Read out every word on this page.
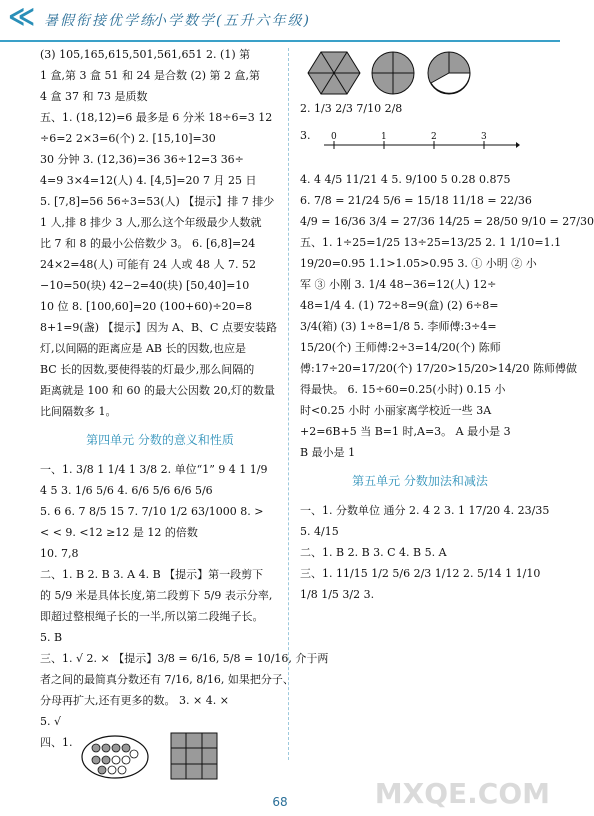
≪ 暑假衔接优学练
小学数学(五升六年级)
(3) 105,165,615,501,561,651 2. (1) 第
1 盒,第 3 盒 51 和 24 是合数 (2) 第 2 盒,第
4 盒 37 和 73 是质数
五、1. (18,12)=6 最多是 6 分米 18÷6=3 12
÷6=2 2×3=6(个) 2. [15,10]=30
30 分钟 3. (12,36)=36 36÷12=3 36÷
4=9 3×4=12(人) 4. [4,5]=20 7 月 25 日
5. [7,8]=56 56÷3=53(人) 【提示】排 7 排少
1 人,排 8 排少 3 人,那么这个年级最少人数就
比 7 和 8 的最小公倍数少 3。 6. [6,8]=24
24×2=48(人) 可能有 24 人或 48 人 7. 52
−10=50(块) 42−2=40(块) [50,40]=10
10 位 8. [100,60]=20 (100+60)÷20=8
8+1=9(盏) 【提示】因为 A、B、C 点要安装路
灯,以间隔的距离应是 AB 长的因数,也应是
BC 长的因数,要使得装的灯最少,那么间隔的
距离就是 100 和 60 的最大公因数 20,灯的数量
比间隔数多 1。
第四单元 分数的意义和性质
一、1. 3/8 1 1/4 1 3/8 2. 单位“1” 9 4 1 1/9
4 5 3. 1/6 5/6 4. 6/6 5/6 6/6 5/6
5. 6 6. 7 8/5 15 7. 7/10 1/2 63/1000 8. >
< < 9. <12 ≥12 是 12 的倍数
10. 7,8
二、1. B 2. B 3. A 4. B 【提示】第一段剪下
的 5/9 米是具体长度,第二段剪下 5/9 表示分率,
即超过整根绳子长的一半,所以第二段绳子长。
5. B
三、1. √ 2. × 【提示】3/8 = 6/16, 5/8 = 10/16, 介于两
者之间的最简真分数还有 7/16, 8/16, 如果把分子、
分母再扩大,还有更多的数。 3. × 4. ×
5. √
四、1.
2. 1/3 2/3 7/10 2/8
3. 0	1	2	3
4. 4 4/5 11/21 4 5. 9/100 5 0.28 0.875
6. 7/8 = 21/24 5/6 = 15/18 11/18 = 22/36
4/9 = 16/36 3/4 = 27/36 14/25 = 28/50 9/10 = 27/30
五、1. 1÷25=1/25 13÷25=13/25 2. 1 1/10=1.1
19/20=0.95 1.1>1.05>0.95 3. ① 小明 ② 小
军 ③ 小刚 3. 1/4 48−36=12(人) 12÷
48=1/4 4. (1) 72÷8=9(盒) (2) 6÷8=
3/4(箱) (3) 1÷8=1/8 5. 李师傅:3÷4=
15/20(个) 王师傅:2÷3=14/20(个) 陈师
傅:17÷20=17/20(个) 17/20>15/20>14/20 陈师傅做
得最快。 6. 15÷60=0.25(小时) 0.15 小
时<0.25 小时 小丽家离学校近一些 3A
+2=6B+5 当 B=1 时,A=3。 A 最小是 3
B 最小是 1
第五单元 分数加法和减法
一、1. 分数单位 通分 2. 4 2 3. 1 17/20 4. 23/35
5. 4/15
二、1. B 2. B 3. C 4. B 5. A
三、1. 11/15 1/2 5/6 2/3 1/12 2. 5/14 1 1/10
1/8 1/5 3/2 3.
68	MXQE.COM
